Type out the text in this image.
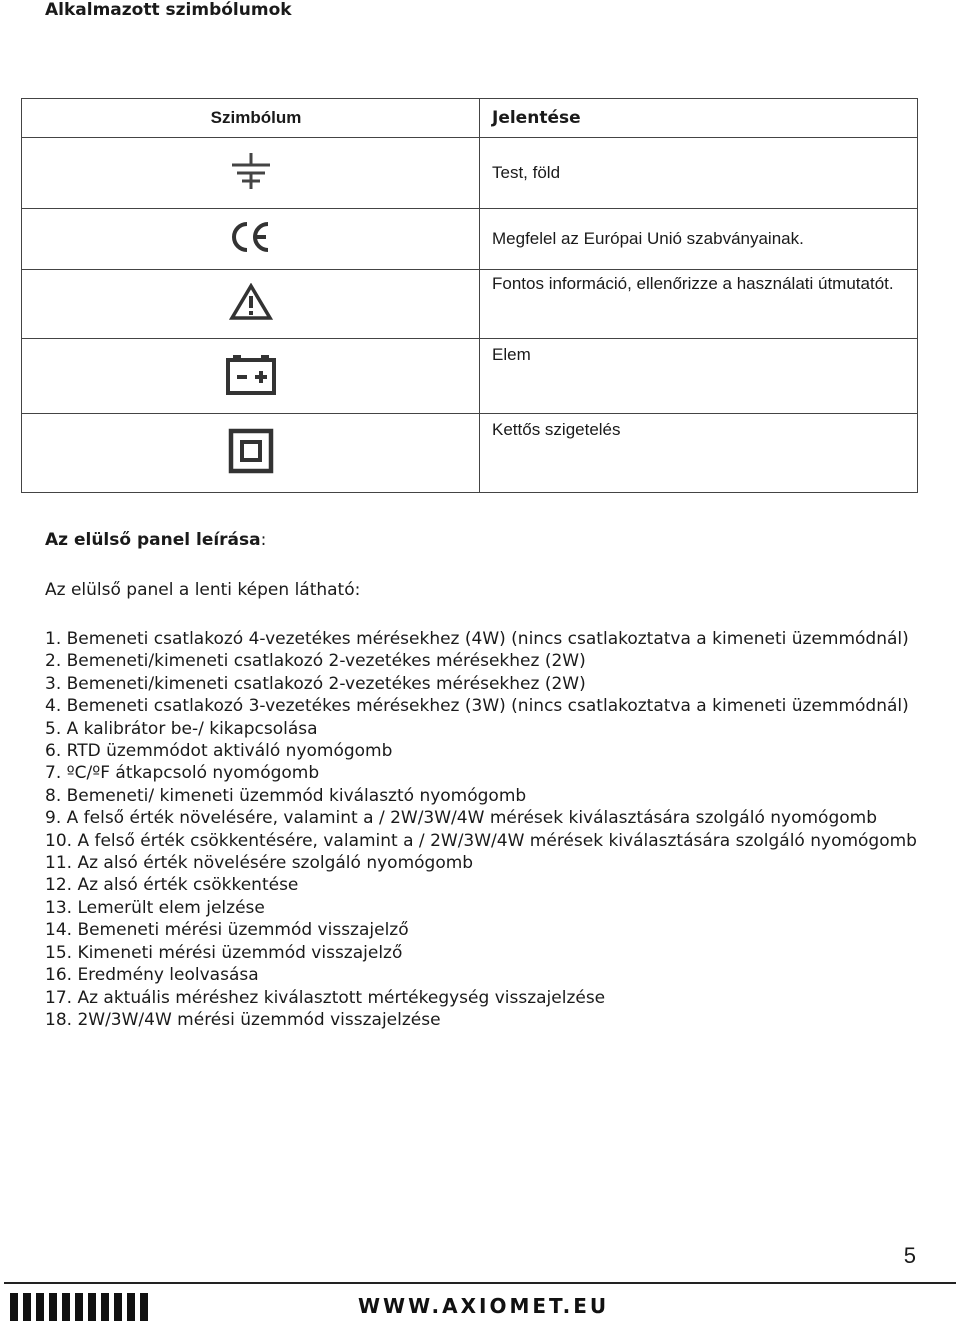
Alkalmazott szimbólumok
Szimbólum	Jelentése
	Test, föld
	Megfelel az Európai Unió szabványainak.
	Fontos információ, ellenőrizze a használati útmutatót.
	Elem
	Kettős szigetelés
Az elülső panel leírása:
Az elülső panel a lenti képen látható:
1. Bemeneti csatlakozó 4-vezetékes mérésekhez (4W) (nincs csatlakoztatva a kimeneti üzemmódnál)
2. Bemeneti/kimeneti csatlakozó 2-vezetékes mérésekhez (2W)
3. Bemeneti/kimeneti csatlakozó 2-vezetékes mérésekhez (2W)
4. Bemeneti csatlakozó 3-vezetékes mérésekhez (3W) (nincs csatlakoztatva a kimeneti üzemmódnál)
5. A kalibrátor be-/ kikapcsolása
6. RTD üzemmódot aktiváló nyomógomb
7. ºC/ºF átkapcsoló nyomógomb
8. Bemeneti/ kimeneti üzemmód kiválasztó nyomógomb
9. A felső érték növelésére, valamint a / 2W/3W/4W mérések kiválasztására szolgáló nyomógomb
10. A felső érték csökkentésére, valamint a / 2W/3W/4W mérések kiválasztására szolgáló nyomógomb
11. Az alsó érték növelésére szolgáló nyomógomb
12. Az alsó érték csökkentése
13. Lemerült elem jelzése
14. Bemeneti mérési üzemmód visszajelző
15. Kimeneti mérési üzemmód visszajelző
16. Eredmény leolvasása
17. Az aktuális méréshez kiválasztott mértékegység visszajelzése
18. 2W/3W/4W mérési üzemmód visszajelzése
5
WWW.AXIOMET.EU
